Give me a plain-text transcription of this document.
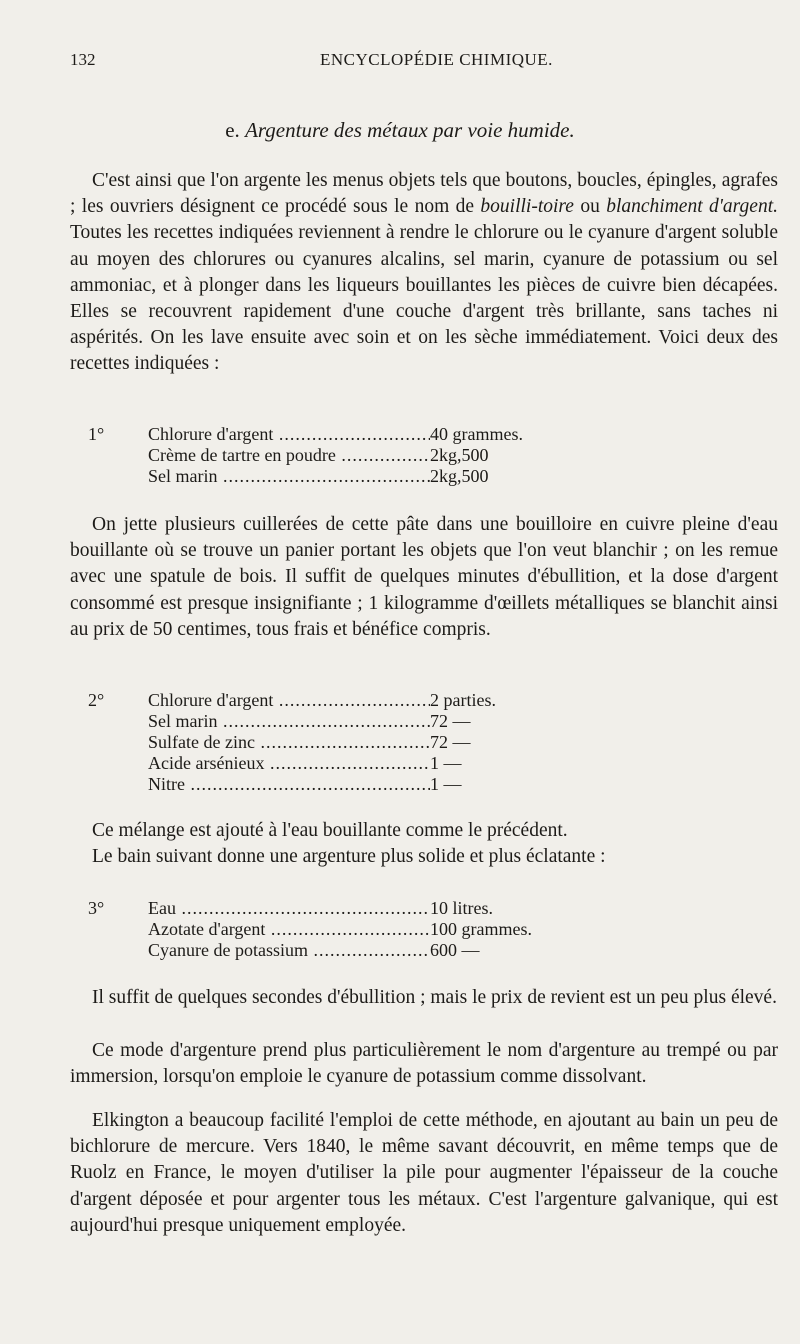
132	ENCYCLOPÉDIE CHIMIQUE.
e. Argenture des métaux par voie humide.

C'est ainsi que l'on argente les menus objets tels que boutons, boucles, épingles, agrafes ; les ouvriers désignent ce procédé sous le nom de bouilli-toire ou blanchiment d'argent. Toutes les recettes indiquées reviennent à rendre le chlorure ou le cyanure d'argent soluble au moyen des chlorures ou cyanures alcalins, sel marin, cyanure de potassium ou sel ammoniac, et à plonger dans les liqueurs bouillantes les pièces de cuivre bien décapées. Elles se recouvrent rapidement d'une couche d'argent très brillante, sans taches ni aspérités. On les lave ensuite avec soin et on les sèche immédiatement. Voici deux des recettes indiquées :

1°	Chlorure d'argent .....	40 grammes.
Crème de tartre en poudre .....	2kg,500
Sel marin .....	2kg,500

On jette plusieurs cuillerées de cette pâte dans une bouilloire en cuivre pleine d'eau bouillante où se trouve un panier portant les objets que l'on veut blanchir ; on les remue avec une spatule de bois. Il suffit de quelques minutes d'ébullition, et la dose d'argent consommé est presque insignifiante ; 1 kilogramme d'œillets métalliques se blanchit ainsi au prix de 50 centimes, tous frais et bénéfice compris.

2°	Chlorure d'argent .....	2 parties.
Sel marin .....	72 —
Sulfate de zinc .....	72 —
Acide arsénieux .....	1 —
Nitre .....	1 —

Ce mélange est ajouté à l'eau bouillante comme le précédent.

Le bain suivant donne une argenture plus solide et plus éclatante :

3°	Eau .....	10 litres.
Azotate d'argent .....	100 grammes.
Cyanure de potassium .....	600 —

Il suffit de quelques secondes d'ébullition ; mais le prix de revient est un peu plus élevé.

Ce mode d'argenture prend plus particulièrement le nom d'argenture au trempé ou par immersion, lorsqu'on emploie le cyanure de potassium comme dissolvant.

Elkington a beaucoup facilité l'emploi de cette méthode, en ajoutant au bain un peu de bichlorure de mercure. Vers 1840, le même savant découvrit, en même temps que de Ruolz en France, le moyen d'utiliser la pile pour augmenter l'épaisseur de la couche d'argent déposée et pour argenter tous les métaux. C'est l'argenture galvanique, qui est aujourd'hui presque uniquement employée.
